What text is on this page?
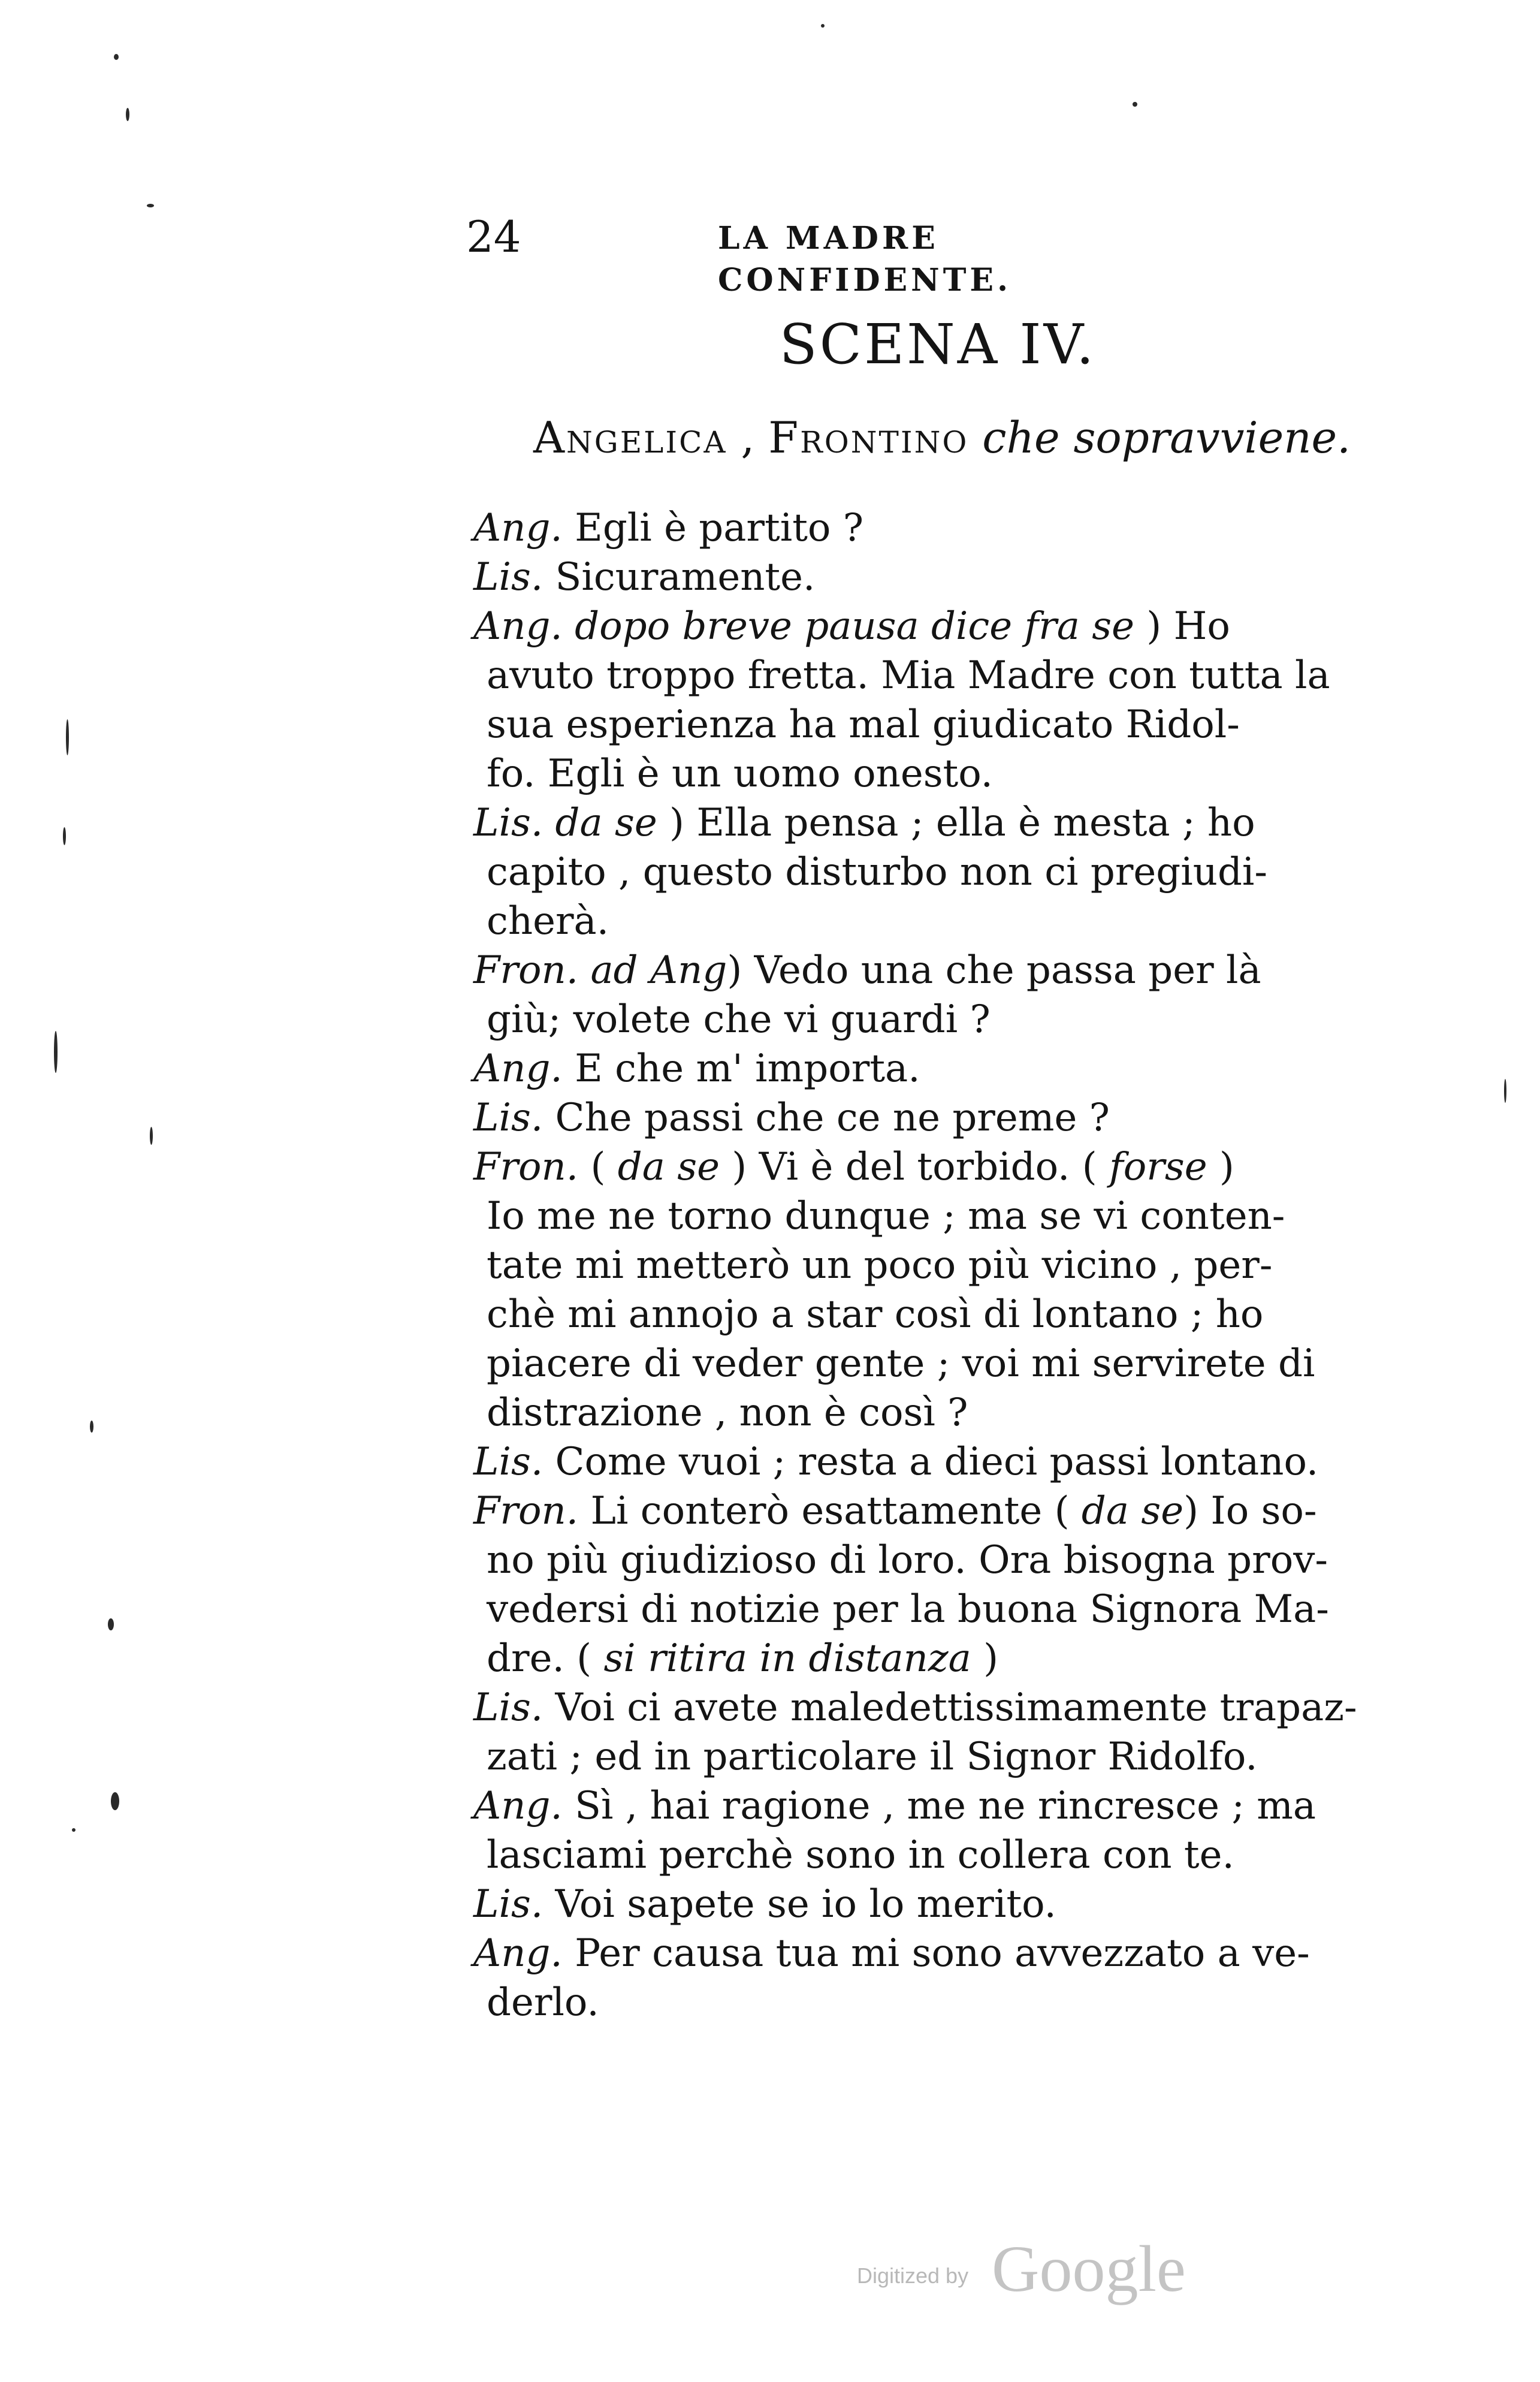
24	LA MADRE CONFIDENTE.
SCENA IV.
Angelica , Frontino che sopravviene.
Ang. Egli è partito ?
Lis. Sicuramente.
Ang. dopo breve pausa dice fra se ) Ho
avuto troppo fretta. Mia Madre con tutta la
sua esperienza ha mal giudicato Ridol-
fo. Egli è un uomo onesto.
Lis. da se ) Ella pensa ; ella è mesta ; ho
capito , questo disturbo non ci pregiudi-
cherà.
Fron. ad Ang) Vedo una che passa per là
giù; volete che vi guardi ?
Ang. E che m' importa.
Lis. Che passi che ce ne preme ?
Fron. ( da se ) Vi è del torbido. ( forse )
Io me ne torno dunque ; ma se vi conten-
tate mi metterò un poco più vicino , per-
chè mi annojo a star così di lontano ; ho
piacere di veder gente ; voi mi servirete di
distrazione , non è così ?
Lis. Come vuoi ; resta a dieci passi lontano.
Fron. Li conterò esattamente ( da se) Io so-
no più giudizioso di loro. Ora bisogna prov-
vedersi di notizie per la buona Signora Ma-
dre. ( si ritira in distanza )
Lis. Voi ci avete maledettissimamente trapaz-
zati ; ed in particolare il Signor Ridolfo.
Ang. Sì , hai ragione , me ne rincresce ; ma
lasciami perchè sono in collera con te.
Lis. Voi sapete se io lo merito.
Ang. Per causa tua mi sono avvezzato a ve-
derlo.
Digitized by Google
